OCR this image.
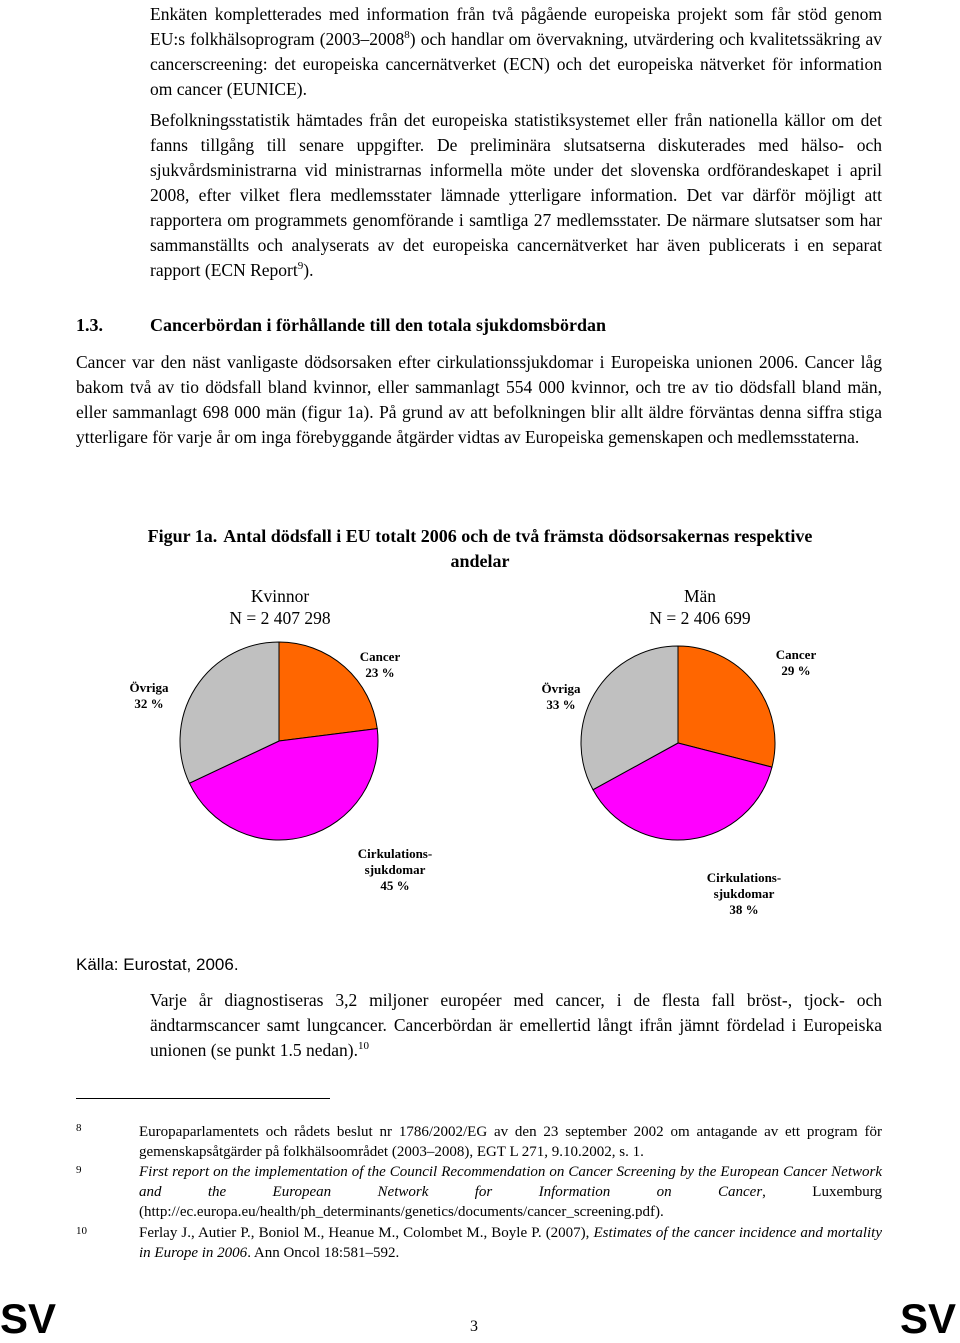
Enkäten kompletterades med information från två pågående europeiska projekt som får stöd genom EU:s folkhälsoprogram (2003–2008$^8$) och handlar om övervakning, utvärdering och kvalitetssäkring av cancerscreening: det europeiska cancernätverket (ECN) och det europeiska nätverket för information om cancer (EUNICE).

Befolkningsstatistik hämtades från det europeiska statistiksystemet eller från nationella källor om det fanns tillgång till senare uppgifter. De preliminära slutsatserna diskuterades med hälso- och sjukvårdsministrarna vid ministrarnas informella möte under det slovenska ordförandeskapet i april 2008, efter vilket flera medlemsstater lämnade ytterligare information. Det var därför möjligt att rapportera om programmets genomförande i samtliga 27 medlemsstater. De närmare slutsatser som har sammanställts och analyserats av det europeiska cancernätverket har även publicerats i en separat rapport (ECN Report$^9$).

1.3.	Cancerbördan i förhållande till den totala sjukdomsbördan

Cancer var den näst vanligaste dödsorsaken efter cirkulationssjukdomar i Europeiska unionen 2006. Cancer låg bakom två av tio dödsfall bland kvinnor, eller sammanlagt 554 000 kvinnor, och tre av tio dödsfall bland män, eller sammanlagt 698 000 män (figur 1a). På grund av att befolkningen blir allt äldre förväntas denna siffra stiga ytterligare för varje år om inga förebyggande åtgärder vidtas av Europeiska gemenskapen och medlemsstaterna.

Figur 1a. Antal dödsfall i EU totalt 2006 och de två främsta dödsorsakernas respektive andelar
Kvinnor
N = 2 407 298
Män
N = 2 406 699
Cancer
23 %
Cirkulations-
sjukdomar
45 %
Övriga
32 %
Cancer
29 %
Cirkulations-
sjukdomar
38 %
Övriga
33 %
Källa: Eurostat, 2006.

Varje år diagnostiseras 3,2 miljoner européer med cancer, i de flesta fall bröst-, tjock- och ändtarmscancer samt lungcancer. Cancerbördan är emellertid långt ifrån jämnt fördelad i Europeiska unionen (se punkt 1.5 nedan).$^{10}$

8	Europaparlamentets och rådets beslut nr 1786/2002/EG av den 23 september 2002 om antagande av ett program för gemenskapsåtgärder på folkhälsoområdet (2003–2008), EGT L 271, 9.10.2002, s. 1.
9	First report on the implementation of the Council Recommendation on Cancer Screening by the European Cancer Network and the European Network for Information on Cancer, Luxemburg (http://ec.europa.eu/health/ph_determinants/genetics/documents/cancer_screening.pdf).
10	Ferlay J., Autier P., Boniol M., Heanue M., Colombet M., Boyle P. (2007), Estimates of the cancer incidence and mortality in Europe in 2006. Ann Oncol 18:581–592.
SV	3	SV
